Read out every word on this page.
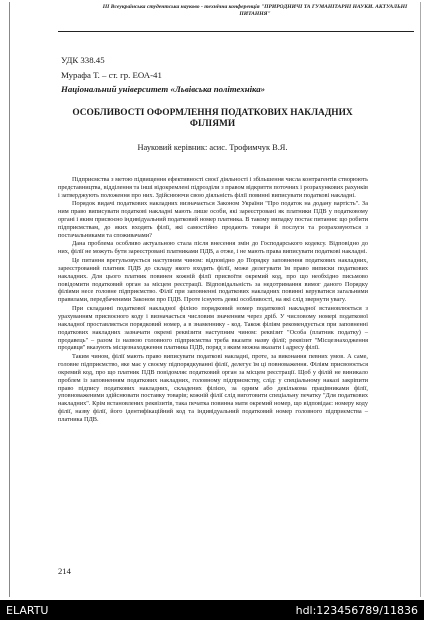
ІІІ Всеукраїнська студентська науково - технічна конференція "ПРИРОДНИЧІ ТА ГУМАНІТАРНІ НАУКИ. АКТУАЛЬНІ ПИТАННЯ"
УДК 338.45
Мурафа Т. – ст. гр. ЕОА-41
Національний університет «Львівська політехніка»
ОСОБЛИВОСТІ ОФОРМЛЕННЯ ПОДАТКОВИХ НАКЛАДНИХ ФІЛІЯМИ
Науковий керівник: асис. Трофимчук В.Я.

Підприємства з метою підвищення ефективності своєї діяльності і збільшення числа контрагентів створюють представництва, відділення та інші відокремлені підрозділи з правом відкриття поточних і розрахункових рахунків і затверджують положення про них. Здійснюючи свою діяльність філії повинні виписувати податкові накладні.

Порядок видачі податкових накладних визначається Законом України "Про податок на додану вартість". За ним право виписувати податкові накладні мають лише особи, які зареєстровані як платники ПДВ у податковому органі і яким присвоєно індивідуальний податковий номер платника. В такому випадку постає питання: що робити підприємствам, до яких входять філії, які самостійно продають товари й послуги та розраховуються з постачальниками та споживачами?

Дана проблема особливо актуальною стала після внесення змін до Господарського кодексу. Відповідно до них, філії не можуть бути зареєстровані платниками ПДВ, а отже, і не мають права виписувати податкові накладні.

Це питання врегульовується наступним чином: відповідно до Порядку заповнення податкових накладних, зареєстрований платник ПДВ до складу якого входять філії, може делегувати їм право виписки податкових накладних. Для цього платник повинен кожній філії присвоїти окремий код, про що необхідно письмово повідомити податковий орган за місцем реєстрації. Відповідальність за недотримання вимог даного Порядку філіями несе головне підприємство. Філії при заповненні податкових накладних повинні керуватися загальними правилами, передбаченими Законом про ПДВ. Проте існують деякі особливості, на які слід звернути увагу.

При складанні податкової накладної філією порядковий номер податкової накладної встановлюється з урахуванням присвоєного коду і визначається числовим значенням через дріб. У числовому номері податкової накладної проставляється порядковий номер, а в знаменнику - код. Також філіям рекомендується при заповненні податкових накладних зазначати окремі реквізити наступним чином: реквізит "Особа (платник податку) – продавець" – разом із назвою головного підприємства треба вказати назву філії; реквізит "Місцезнаходження продавця" вказують місцезнаходження платника ПДВ, поряд з яким можна вказати і адресу філії.

Таким чином, філії мають право виписувати податкові накладні, проте, за виконання певних умов. А саме, головне підприємство, яке має у своєму підпорядкуванні філії, делегує їм ці повноваження. Філіям присвоюється окремий код, про що платник ПДВ повідомляє податковий орган за місцем реєстрації. Щоб у філій не виникало проблем із заповненням податкових накладних, головному підприємству, слід: у спеціальному наказі закріпити право підпису податкових накладних, складених філією, за одним або декількома працівниками філії, уповноваженими здійснювати поставку товарів; кожній філії слід виготовити спеціальну печатку "Для податкових накладних". Крім встановлених реквізитів, така печатка повинна мати окремий номер, що відповідає: номеру коду філії, назву філії, його ідентифікаційний код та індивідуальний податковий номер головного підприємства – платника ПДВ.

214
ELARTU	hdl:123456789/11836
